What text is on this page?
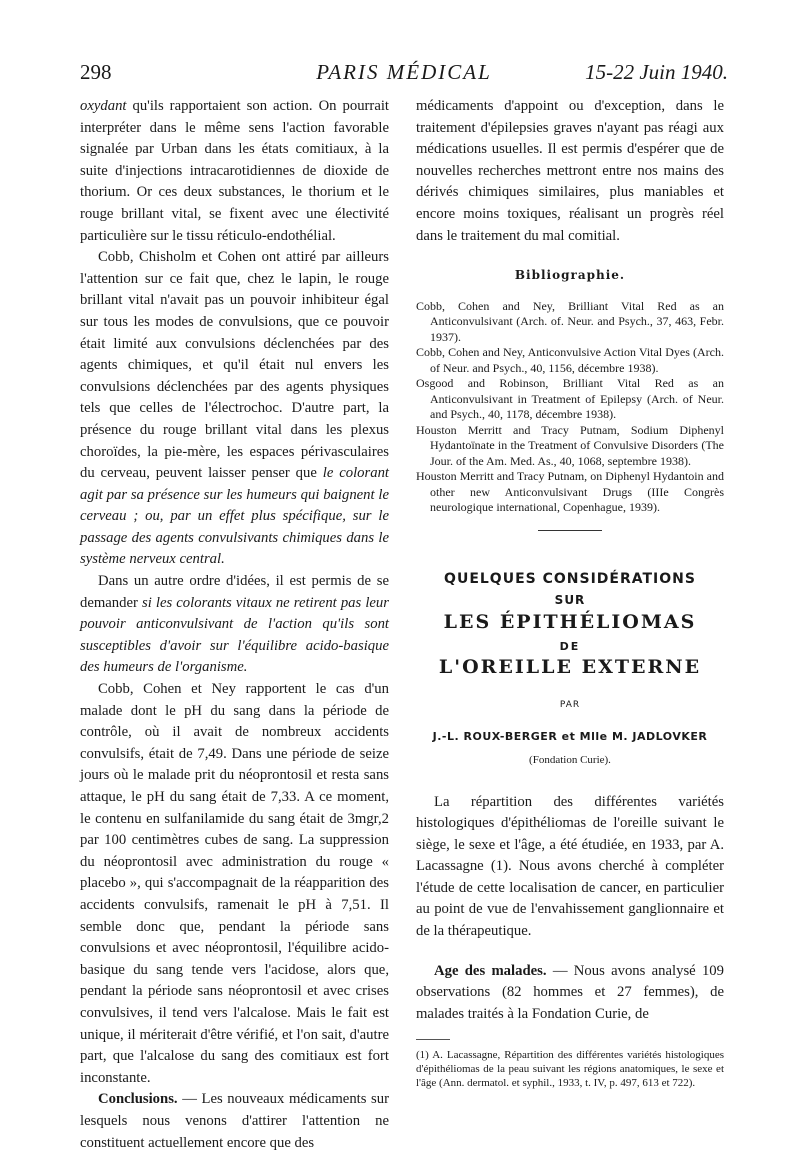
298	PARIS MÉDICAL	15-22 Juin 1940.

oxydant qu'ils rapportaient son action. On pourrait interpréter dans le même sens l'action favorable signalée par Urban dans les états comitiaux, à la suite d'injections intracarotidiennes de dioxide de thorium. Or ces deux substances, le thorium et le rouge brillant vital, se fixent avec une électivité particulière sur le tissu réticulo-endothélial.

Cobb, Chisholm et Cohen ont attiré par ailleurs l'attention sur ce fait que, chez le lapin, le rouge brillant vital n'avait pas un pouvoir inhibiteur égal sur tous les modes de convulsions, que ce pouvoir était limité aux convulsions déclenchées par des agents chimiques, et qu'il était nul envers les convulsions déclenchées par des agents physiques tels que celles de l'électrochoc. D'autre part, la présence du rouge brillant vital dans les plexus choroïdes, la pie-mère, les espaces périvasculaires du cerveau, peuvent laisser penser que le colorant agit par sa présence sur les humeurs qui baignent le cerveau ; ou, par un effet plus spécifique, sur le passage des agents convulsivants chimiques dans le système nerveux central.

Dans un autre ordre d'idées, il est permis de se demander si les colorants vitaux ne retirent pas leur pouvoir anticonvulsivant de l'action qu'ils sont susceptibles d'avoir sur l'équilibre acido-basique des humeurs de l'organisme.

Cobb, Cohen et Ney rapportent le cas d'un malade dont le pH du sang dans la période de contrôle, où il avait de nombreux accidents convulsifs, était de 7,49. Dans une période de seize jours où le malade prit du néoprontosil et resta sans attaque, le pH du sang était de 7,33. A ce moment, le contenu en sulfanilamide du sang était de 3mgr,2 par 100 centimètres cubes de sang. La suppression du néoprontosil avec administration du rouge « placebo », qui s'accompagnait de la réapparition des accidents convulsifs, ramenait le pH à 7,51. Il semble donc que, pendant la période sans convulsions et avec néoprontosil, l'équilibre acido-basique du sang tende vers l'acidose, alors que, pendant la période sans néoprontosil et avec crises convulsives, il tend vers l'alcalose. Mais le fait est unique, il mériterait d'être vérifié, et l'on sait, d'autre part, que l'alcalose du sang des comitiaux est fort inconstante.

Conclusions. — Les nouveaux médicaments sur lesquels nous venons d'attirer l'attention ne constituent actuellement encore que des

médicaments d'appoint ou d'exception, dans le traitement d'épilepsies graves n'ayant pas réagi aux médications usuelles. Il est permis d'espérer que de nouvelles recherches mettront entre nos mains des dérivés chimiques similaires, plus maniables et encore moins toxiques, réalisant un progrès réel dans le traitement du mal comitial.

Bibliographie.

Cobb, Cohen and Ney, Brilliant Vital Red as an Anticonvulsivant (Arch. of. Neur. and Psych., 37, 463, Febr. 1937).

Cobb, Cohen and Ney, Anticonvulsive Action Vital Dyes (Arch. of Neur. and Psych., 40, 1156, décembre 1938).

Osgood and Robinson, Brilliant Vital Red as an Anticonvulsivant in Treatment of Epilepsy (Arch. of Neur. and Psych., 40, 1178, décembre 1938).

Houston Merritt and Tracy Putnam, Sodium Diphenyl Hydantoïnate in the Treatment of Convulsive Disorders (The Jour. of the Am. Med. As., 40, 1068, septembre 1938).

Houston Merritt and Tracy Putnam, on Diphenyl Hydantoin and other new Anticonvulsivant Drugs (IIIe Congrès neurologique international, Copenhague, 1939).

QUELQUES CONSIDÉRATIONS
SUR
LES ÉPITHÉLIOMAS
DE
L'OREILLE EXTERNE
PAR
J.-L. ROUX-BERGER et Mlle M. JADLOVKER
(Fondation Curie).

La répartition des différentes variétés histologiques d'épithéliomas de l'oreille suivant le siège, le sexe et l'âge, a été étudiée, en 1933, par A. Lacassagne (1). Nous avons cherché à compléter l'étude de cette localisation de cancer, en particulier au point de vue de l'envahissement ganglionnaire et de la thérapeutique.

Age des malades. — Nous avons analysé 109 observations (82 hommes et 27 femmes), de malades traités à la Fondation Curie, de

(1) A. Lacassagne, Répartition des différentes variétés histologiques d'épithéliomas de la peau suivant les régions anatomiques, le sexe et l'âge (Ann. dermatol. et syphil., 1933, t. IV, p. 497, 613 et 722).
